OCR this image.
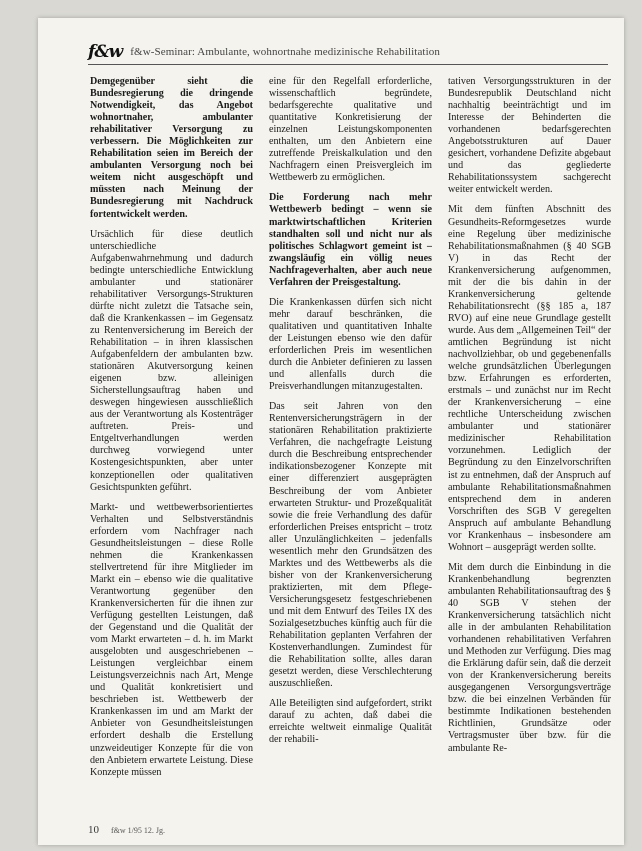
f&w f&w-Seminar: Ambulante, wohnortnahe medizinische Rehabilitation

Demgegenüber sieht die Bundesregierung die dringende Notwendigkeit, das Angebot wohnortnaher, ambulanter rehabilitativer Versorgung zu verbessern. Die Möglichkeiten zur Rehabilitation seien im Bereich der ambulanten Versorgung noch bei weitem nicht ausgeschöpft und müssten nach Meinung der Bundesregierung mit Nachdruck fortentwickelt werden.

Ursächlich für diese deutlich unterschiedliche Aufgabenwahrnehmung und dadurch bedingte unterschiedliche Entwicklung ambulanter und stationärer rehabilitativer Versorgungs-Strukturen dürfte nicht zuletzt die Tatsache sein, daß die Krankenkassen – im Gegensatz zu Rentenversicherung im Bereich der Rehabilitation – in ihren klassischen Aufgabenfeldern der ambulanten bzw. stationären Akutversorgung keinen eigenen bzw. alleinigen Sicherstellungsauftrag haben und deswegen hingewiesen ausschließlich aus der Verantwortung als Kostenträger auftreten. Preis- und Entgeltverhandlungen werden durchweg vorwiegend unter Kostengesichtspunkten, aber unter konzeptionellen oder qualitativen Gesichtspunkten geführt.

Markt- und wettbewerbsorientiertes Verhalten und Selbstverständnis erfordern vom Nachfrager nach Gesundheitsleistungen – diese Rolle nehmen die Krankenkassen stellvertretend für ihre Mitglieder im Markt ein – ebenso wie die qualitative Verantwortung gegenüber den Krankenversicherten für die ihnen zur Verfügung gestellten Leistungen, daß der Gegenstand und die Qualität der vom Markt erwarteten – d. h. im Markt ausgelobten und ausgeschriebenen – Leistungen vergleichbar einem Leistungsverzeichnis nach Art, Menge und Qualität konkretisiert und beschrieben ist. Wettbewerb der Krankenkassen im und am Markt der Anbieter von Gesundheitsleistungen erfordert deshalb die Erstellung unzweideutiger Konzepte für die von den Anbietern erwartete Leistung. Diese Konzepte müssen

eine für den Regelfall erforderliche, wissenschaftlich begründete, bedarfsgerechte qualitative und quantitative Konkretisierung der einzelnen Leistungskomponenten enthalten, um den Anbietern eine zutreffende Preiskalkulation und den Nachfragern einen Preisvergleich im Wettbewerb zu ermöglichen.

Die Forderung nach mehr Wettbewerb bedingt – wenn sie marktwirtschaftlichen Kriterien standhalten soll und nicht nur als politisches Schlagwort gemeint ist – zwangsläufig ein völlig neues Nachfrageverhalten, aber auch neue Verfahren der Preisgestaltung.

Die Krankenkassen dürfen sich nicht mehr darauf beschränken, die qualitativen und quantitativen Inhalte der Leistungen ebenso wie den dafür erforderlichen Preis im wesentlichen durch die Anbieter definieren zu lassen und allenfalls durch die Preisverhandlungen mitanzugestalten.

Das seit Jahren von den Rentenversicherungsträgern in der stationären Rehabilitation praktizierte Verfahren, die nachgefragte Leistung durch die Beschreibung entsprechender indikationsbezogener Konzepte mit einer differenziert ausgeprägten Beschreibung der vom Anbieter erwarteten Struktur- und Prozeßqualität sowie die freie Verhandlung des dafür erforderlichen Preises entspricht – trotz aller Unzulänglichkeiten – jedenfalls wesentlich mehr den Grundsätzen des Marktes und des Wettbewerbs als die bisher von der Krankenversicherung praktizierten, mit dem Pflege-Versicherungsgesetz festgeschriebenen und mit dem Entwurf des Teiles IX des Sozialgesetzbuches künftig auch für die Rehabilitation geplanten Verfahren der Kostenverhandlungen. Zumindest für die Rehabilitation sollte, alles daran gesetzt werden, diese Verschlechterung auszuschließen.

Alle Beteiligten sind aufgefordert, strikt darauf zu achten, daß dabei die erreichte weltweit einmalige Qualität der rehabili-

tativen Versorgungsstrukturen in der Bundesrepublik Deutschland nicht nachhaltig beeinträchtigt und im Interesse der Behinderten die vorhandenen bedarfsgerechten Angebotsstrukturen auf Dauer gesichert, vorhandene Defizite abgebaut und das gegliederte Rehabilitationssystem sachgerecht weiter entwickelt werden.

Mit dem fünften Abschnitt des Gesundheits-Reformgesetzes wurde eine Regelung über medizinische Rehabilitationsmaßnahmen (§ 40 SGB V) in das Recht der Krankenversicherung aufgenommen, mit der die bis dahin in der Krankenversicherung geltende Rehabilitationsrecht (§§ 185 a, 187 RVO) auf eine neue Grundlage gestellt wurde. Aus dem „Allgemeinen Teil“ der amtlichen Begründung ist nicht nachvollziehbar, ob und gegebenenfalls welche grundsätzlichen Überlegungen bzw. Erfahrungen es erforderten, erstmals – und zunächst nur im Recht der Krankenversicherung – eine rechtliche Unterscheidung zwischen ambulanter und stationärer medizinischer Rehabilitation vorzunehmen. Lediglich der Begründung zu den Einzelvorschriften ist zu entnehmen, daß der Anspruch auf ambulante Rehabilitationsmaßnahmen entsprechend dem in anderen Vorschriften des SGB V geregelten Anspruch auf ambulante Behandlung vor Krankenhaus – insbesondere am Wohnort – ausgeprägt werden sollte.

Mit dem durch die Einbindung in die Krankenbehandlung begrenzten ambulanten Rehabilitationsauftrag des § 40 SGB V stehen der Krankenversicherung tatsächlich nicht alle in der ambulanten Rehabilitation vorhandenen rehabilitativen Verfahren und Methoden zur Verfügung. Dies mag die Erklärung dafür sein, daß die derzeit von der Krankenversicherung bereits ausgegangenen Versorgungsverträge bzw. die bei einzelnen Verbänden für bestimmte Indikationen bestehenden Richtlinien, Grundsätze oder Vertragsmuster über bzw. für die ambulante Re-

10 f&w 1/95 12. Jg.
